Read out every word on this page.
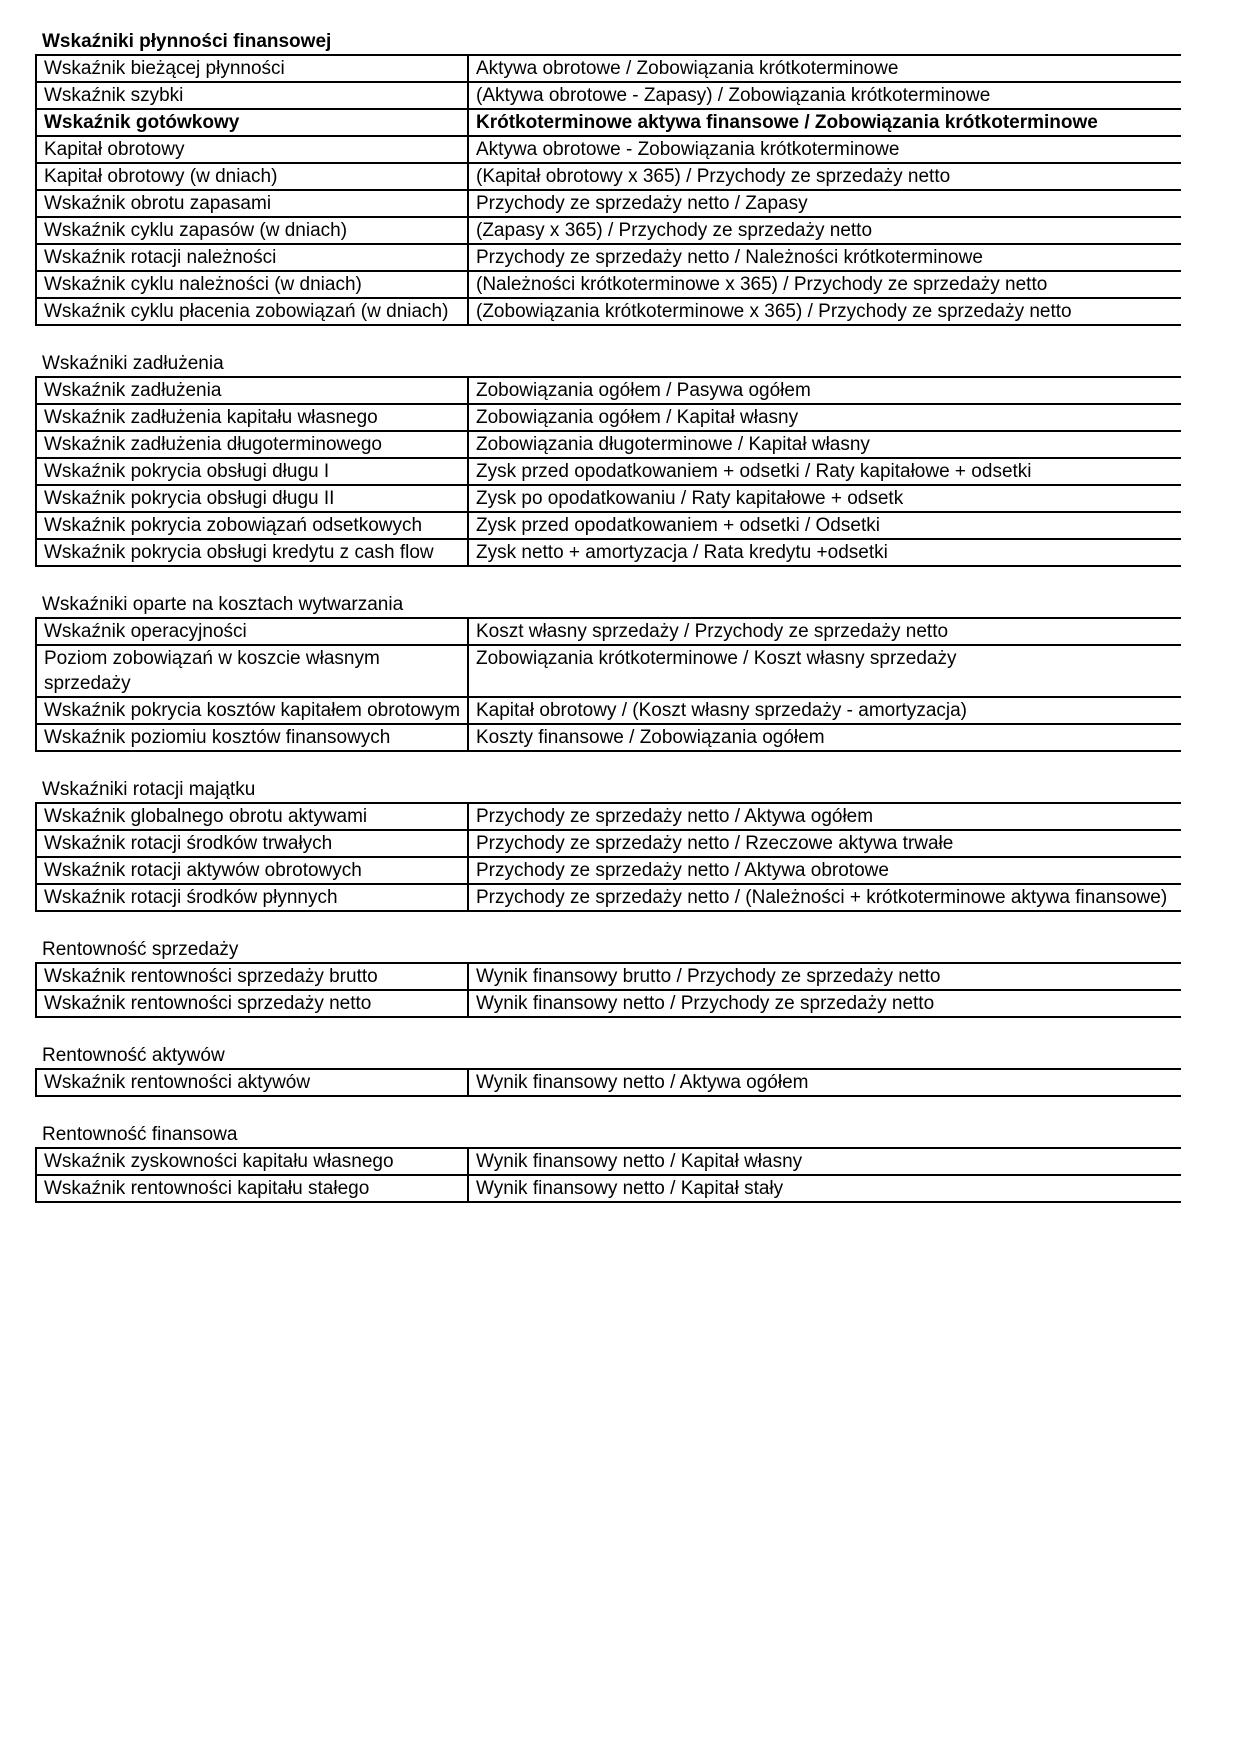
Wskaźniki płynności finansowej
Wskaźnik bieżącej płynności	Aktywa obrotowe / Zobowiązania krótkoterminowe
Wskaźnik szybki	(Aktywa obrotowe - Zapasy) / Zobowiązania krótkoterminowe
Wskaźnik gotówkowy	Krótkoterminowe aktywa finansowe / Zobowiązania krótkoterminowe
Kapitał obrotowy	Aktywa obrotowe - Zobowiązania krótkoterminowe
Kapitał obrotowy (w dniach)	(Kapitał obrotowy x 365) / Przychody ze sprzedaży netto
Wskaźnik obrotu zapasami	Przychody ze sprzedaży netto / Zapasy
Wskaźnik cyklu zapasów (w dniach)	(Zapasy x 365) / Przychody ze sprzedaży netto
Wskaźnik rotacji należności	Przychody ze sprzedaży netto / Należności krótkoterminowe
Wskaźnik cyklu należności (w dniach)	(Należności krótkoterminowe x 365) / Przychody ze sprzedaży netto
Wskaźnik cyklu płacenia zobowiązań (w dniach)	(Zobowiązania krótkoterminowe x 365) / Przychody ze sprzedaży netto
Wskaźniki zadłużenia
Wskaźnik zadłużenia	Zobowiązania ogółem / Pasywa ogółem
Wskaźnik zadłużenia kapitału własnego	Zobowiązania ogółem / Kapitał własny
Wskaźnik zadłużenia długoterminowego	Zobowiązania długoterminowe / Kapitał własny
Wskaźnik pokrycia obsługi długu I	Zysk przed opodatkowaniem + odsetki / Raty kapitałowe + odsetki
Wskaźnik pokrycia obsługi długu II	Zysk po opodatkowaniu / Raty kapitałowe + odsetk
Wskaźnik pokrycia zobowiązań odsetkowych	Zysk przed opodatkowaniem + odsetki / Odsetki
Wskaźnik pokrycia obsługi kredytu z cash flow	Zysk netto + amortyzacja / Rata kredytu +odsetki
Wskaźniki oparte na kosztach wytwarzania
Wskaźnik operacyjności	Koszt własny sprzedaży / Przychody ze sprzedaży netto
Poziom zobowiązań w koszcie własnym sprzedaży	Zobowiązania krótkoterminowe / Koszt własny sprzedaży
Wskaźnik pokrycia kosztów kapitałem obrotowym	Kapitał obrotowy / (Koszt własny sprzedaży - amortyzacja)
Wskaźnik poziomiu kosztów finansowych	Koszty finansowe / Zobowiązania ogółem
Wskaźniki rotacji majątku
Wskaźnik globalnego obrotu aktywami	Przychody ze sprzedaży netto / Aktywa ogółem
Wskaźnik rotacji środków trwałych	Przychody ze sprzedaży netto / Rzeczowe aktywa trwałe
Wskaźnik rotacji aktywów obrotowych	Przychody ze sprzedaży netto / Aktywa obrotowe
Wskaźnik rotacji środków płynnych	Przychody ze sprzedaży netto / (Należności + krótkoterminowe aktywa finansowe)
Rentowność sprzedaży
Wskaźnik rentowności sprzedaży brutto	Wynik finansowy brutto / Przychody ze sprzedaży netto
Wskaźnik rentowności sprzedaży netto	Wynik finansowy netto / Przychody ze sprzedaży netto
Rentowność aktywów
Wskaźnik rentowności aktywów	Wynik finansowy netto / Aktywa ogółem
Rentowność finansowa
Wskaźnik zyskowności kapitału własnego	Wynik finansowy netto / Kapitał własny
Wskaźnik rentowności kapitału stałego	Wynik finansowy netto / Kapitał stały
